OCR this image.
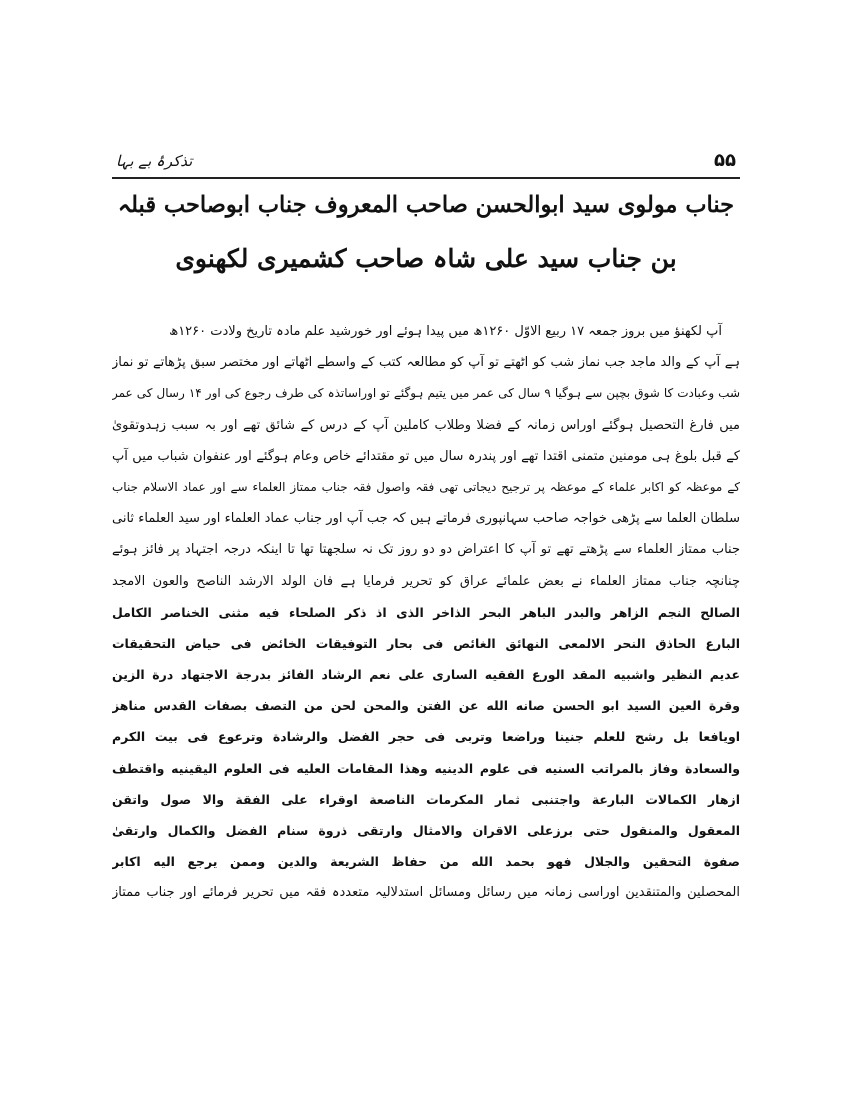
تذکرۂ بے بہا	۵۵
جناب مولوی سید ابوالحسن صاحب المعروف جناب ابوصاحب قبلہ
بن جناب سید علی شاہ صاحب کشمیری لکھنوی
آپ لکھنؤ میں بروز جمعہ ۱۷ ربیع الاوّل ۱۲۶۰ھ میں پیدا ہوئے اور خورشید علم مادہ تاریخ ولادت ۱۲۶۰ھ
ہے آپ کے والد ماجد جب نماز شب کو اٹھتے تو آپ کو مطالعہ کتب کے واسطے اٹھاتے اور مختصر سبق پڑھاتے تو نماز
شب وعبادت کا شوق بچپن سے ہوگیا ۹ سال کی عمر میں یتیم ہوگئے تو اوراساتذہ کی طرف رجوع کی اور ۱۴ رسال کی عمر
میں فارغ التحصیل ہوگئے اوراس زمانہ کے فضلا وطلاب کاملین آپ کے درس کے شائق تھے اور بہ سبب زہدوتقویٰ
کے قبل بلوغ ہی مومنین متمنی اقتدا تھے اور پندرہ سال میں تو مقتدائے خاص وعام ہوگئے اور عنفوان شباب میں آپ
کے موعظہ کو اکابر علماء کے موعظہ پر ترجیح دیجاتی تھی فقہ واصول فقہ جناب ممتاز العلماء سے اور عماد الاسلام جناب
سلطان العلما سے پڑھی خواجہ صاحب سہانپوری فرماتے ہیں کہ جب آپ اور جناب عماد العلماء اور سید العلماء ثانی
جناب ممتاز العلماء سے پڑھتے تھے تو آپ کا اعتراض دو دو روز تک نہ سلجھتا تھا تا اینکہ درجہ اجتہاد پر فائز ہوئے
چنانچہ جناب ممتاز العلماء نے بعض علمائے عراق کو تحریر فرمایا ہے فان الولد الارشد الناصح والعون الامجد
الصالح النجم الزاهر والبدر الباهر البحر الذاخر الذی اذ ذکر الصلحاء فیه مثنی الخناصر الکامل
البارع الحاذق النحر الالمعی النهائق الغائص فی بحار التوفیقات الخائض فی حیاض التحقیقات
عدیم النظیر واشبیه المقد الورع الفقیه الساری علی نعم الرشاد الفائز بدرجة الاجتهاد درة الزین
وقرة العین السید ابو الحسن صانه الله عن الفتن والمحن لحن من التصف بصفات القدس مناهز
اویافعا بل رشح للعلم جنینا وراضعا وتربی فی حجر الفضل والرشادة وترعوع فی بیت الکرم
والسعادة وفاز بالمراتب السنیه فی علوم الدینیه وهذا المقامات العلیه فی العلوم الیقینیه واقتطف
ازهار الکمالات البارعة واجتنبی ثمار المکرمات الناصعة اوقراء علی الفقة والا صول واتقن
المعقول والمنقول حتی برزعلی الاقران والامثال وارتقی ذروة سنام الفضل والکمال وارتقیٰ
صفوة التحقین والجلال فهو بحمد الله من حفاظ الشریعة والدین وممن یرجع الیه اکابر
المحصلین والمتنقدین اوراسی زمانہ میں رسائل ومسائل استدلالیہ متعددہ فقہ میں تحریر فرمائے اور جناب ممتاز
